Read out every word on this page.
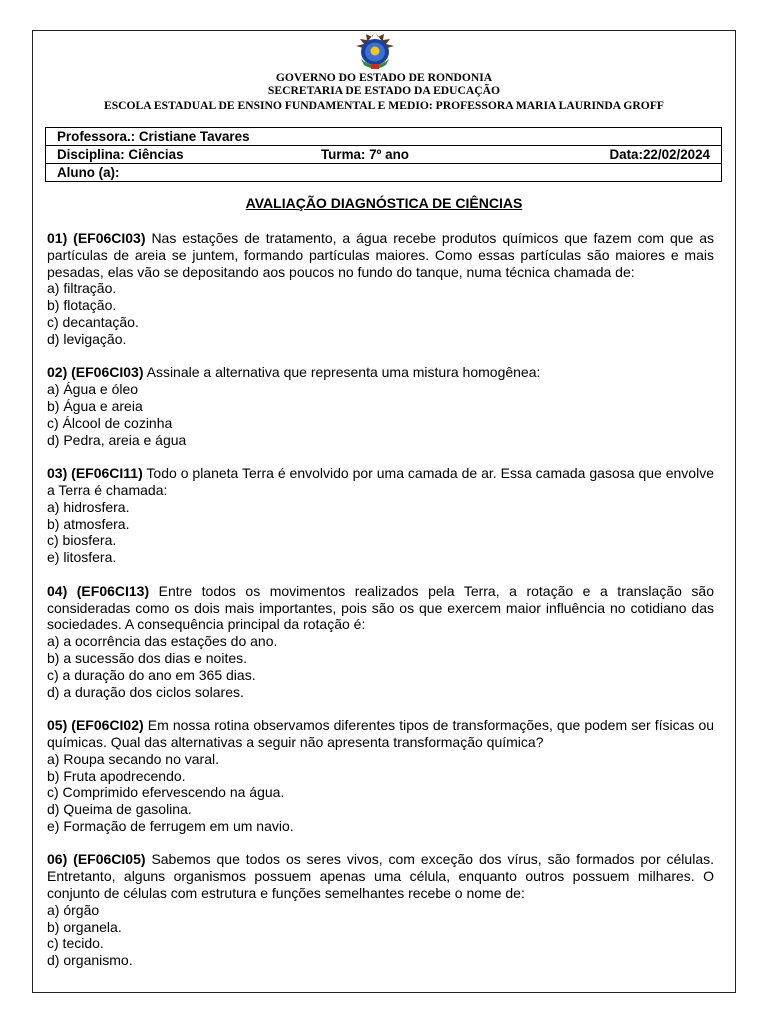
GOVERNO DO ESTADO DE RONDONIA
SECRETARIA DE ESTADO DA EDUCAÇÃO
ESCOLA ESTADUAL DE ENSINO FUNDAMENTAL E MEDIO: PROFESSORA MARIA LAURINDA GROFF
Professora.: Cristiane Tavares
Disciplina: Ciências	Turma: 7º ano	Data:22/02/2024
Aluno (a):
AVALIAÇÃO DIAGNÓSTICA DE CIÊNCIAS

01) (EF06CI03) Nas estações de tratamento, a água recebe produtos químicos que fazem com que as partículas de areia se juntem, formando partículas maiores. Como essas partículas são maiores e mais pesadas, elas vão se depositando aos poucos no fundo do tanque, numa técnica chamada de:

a) filtração.

b) flotação.

c) decantação.

d) levigação.

02) (EF06CI03) Assinale a alternativa que representa uma mistura homogênea:

a) Água e óleo

b) Água e areia

c) Álcool de cozinha

d) Pedra, areia e água

03) (EF06CI11) Todo o planeta Terra é envolvido por uma camada de ar. Essa camada gasosa que envolve a Terra é chamada:

a) hidrosfera.

b) atmosfera.

c) biosfera.

e) litosfera.

04) (EF06CI13) Entre todos os movimentos realizados pela Terra, a rotação e a translação são consideradas como os dois mais importantes, pois são os que exercem maior influência no cotidiano das sociedades. A consequência principal da rotação é:

a) a ocorrência das estações do ano.

b) a sucessão dos dias e noites.

c) a duração do ano em 365 dias.

d) a duração dos ciclos solares.

05) (EF06CI02) Em nossa rotina observamos diferentes tipos de transformações, que podem ser físicas ou químicas. Qual das alternativas a seguir não apresenta transformação química?

a) Roupa secando no varal.

b) Fruta apodrecendo.

c) Comprimido efervescendo na água.

d) Queima de gasolina.

e) Formação de ferrugem em um navio.

06) (EF06CI05) Sabemos que todos os seres vivos, com exceção dos vírus, são formados por células. Entretanto, alguns organismos possuem apenas uma célula, enquanto outros possuem milhares. O conjunto de células com estrutura e funções semelhantes recebe o nome de:

a) órgão

b) organela.

c) tecido.

d) organismo.
